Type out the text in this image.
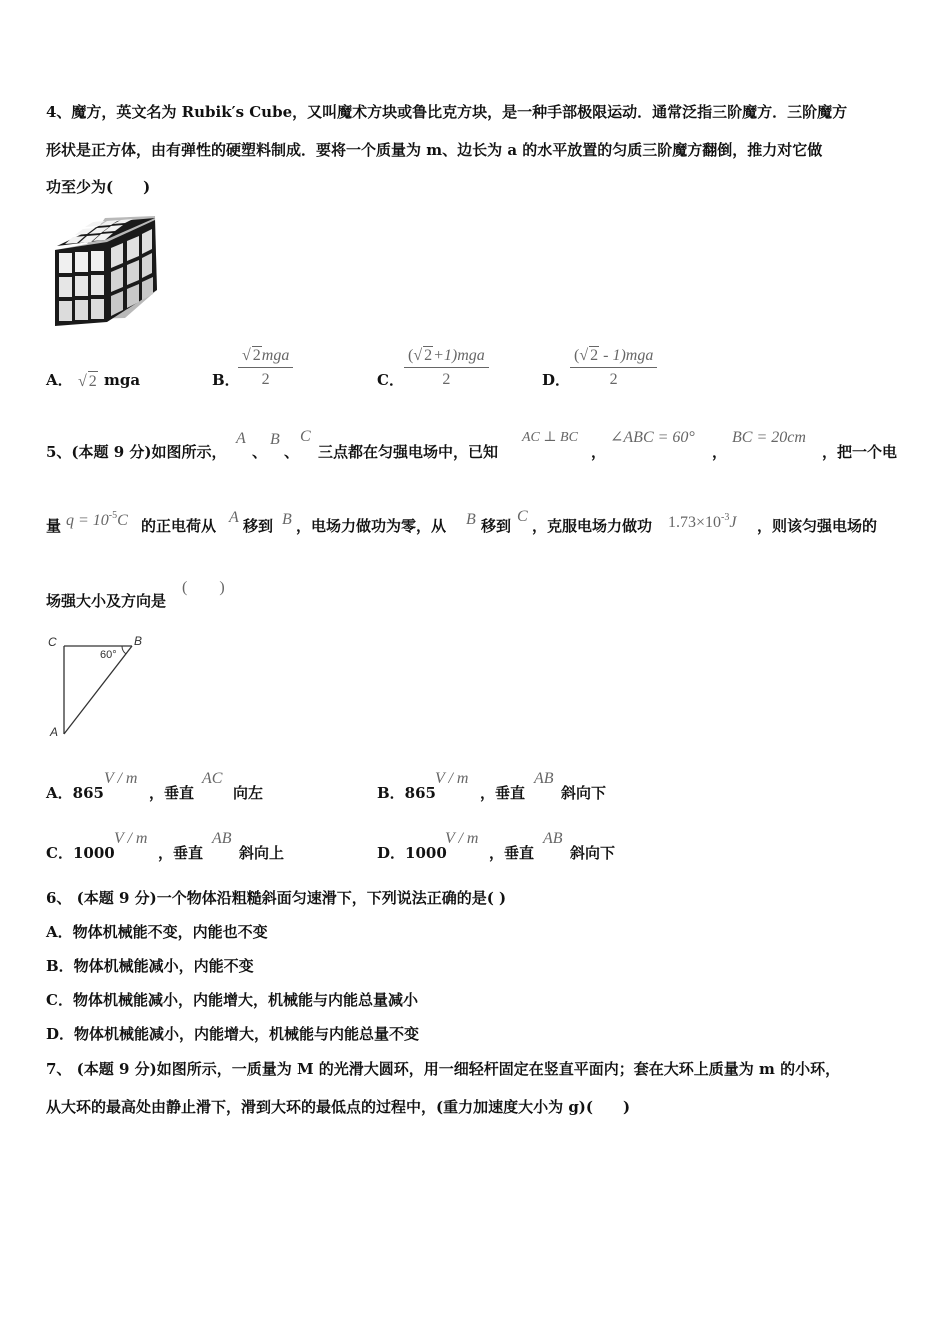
4、魔方，英文名为 Rubik′s Cube，又叫魔术方块或鲁比克方块，是一种手部极限运动．通常泛指三阶魔方．三阶魔方
形状是正方体，由有弹性的硬塑料制成．要将一个质量为 m、边长为 a 的水平放置的匀质三阶魔方翻倒，推力对它做
功至少为(　　)
A． √ 2 mga	B．
√ 2mga
2	C．
(√ 2+1)mga
2	D．
(√ 2 - 1)mga
2
5、(本题 9 分)如图所示，
A
、
B
、
C
三点都在匀强电场中，已知
AC ⊥ BC
，
∠ABC = 60°
，
BC = 20cm
，把一个电
量 $q = 10^{-5}C$ 的正电荷从 A 移到 B ，电场力做功为零，从 B 移到
C
，克服电场力做功 $1.73\times 10^{-3}J$ ，则该匀强电场的
场强大小及方向是
(　　)
C	B
A
60°
A．865
V / m
，垂直
AC
向左	B．865
V / m
，垂直
AB
斜向下
C．1000
V / m
，垂直
AB
斜向上	D．1000
V / m
，垂直
AB
斜向下
6、 (本题 9 分)一个物体沿粗糙斜面匀速滑下，下列说法正确的是( )
A．物体机械能不变，内能也不变
B．物体机械能减小，内能不变
C．物体机械能减小，内能增大，机械能与内能总量减小
D．物体机械能减小，内能增大，机械能与内能总量不变
7、 (本题 9 分)如图所示，一质量为 M 的光滑大圆环，用一细轻杆固定在竖直平面内；套在大环上质量为 m 的小环，
从大环的最高处由静止滑下，滑到大环的最低点的过程中，(重力加速度大小为 g)(　　)
